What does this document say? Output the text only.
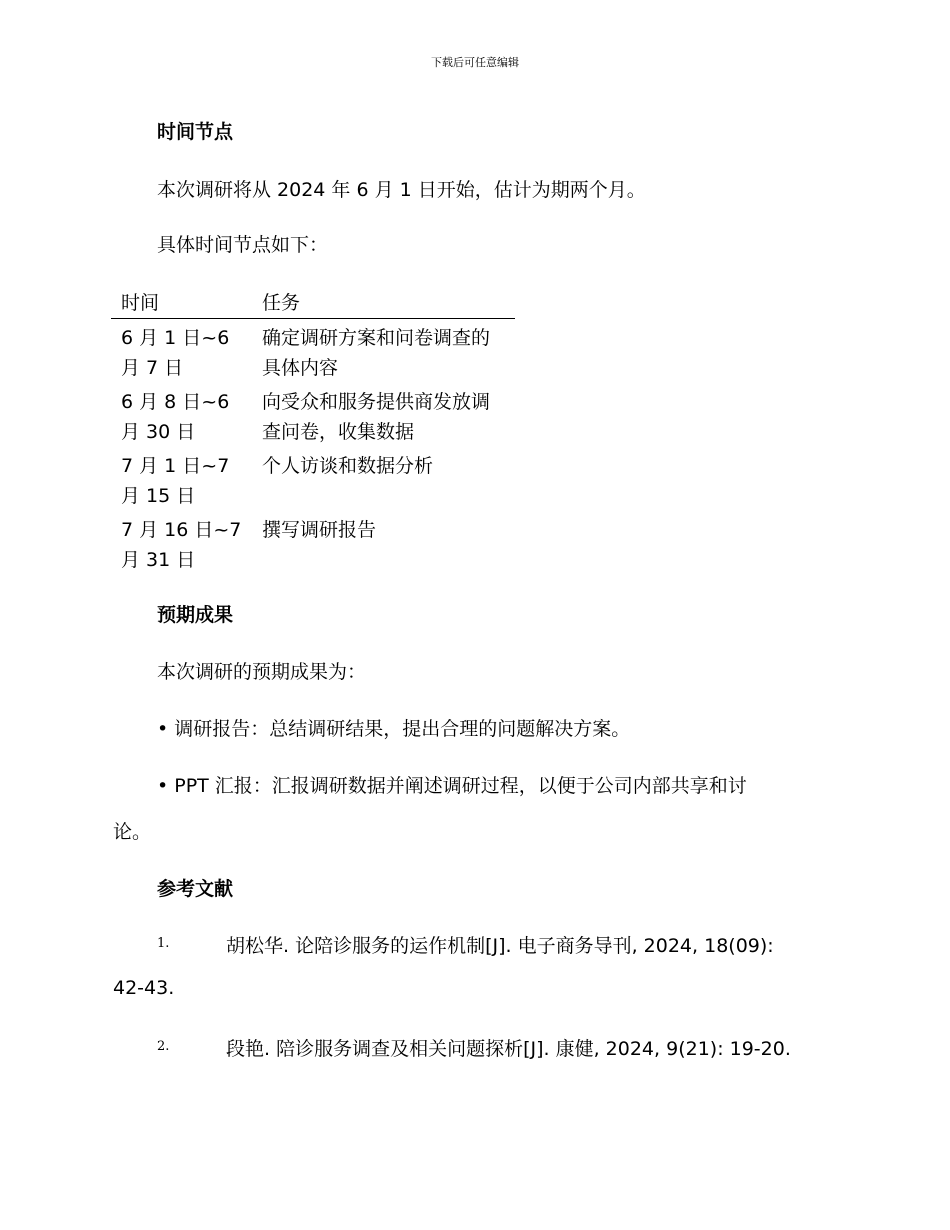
下载后可任意编辑
时间节点
本次调研将从 2024 年 6 月 1 日开始，估计为期两个月。
具体时间节点如下：
时间	任务
6 月 1 日~6 月 7 日	确定调研方案和问卷调查的具体内容
6 月 8 日~6 月 30 日	向受众和服务提供商发放调查问卷，收集数据
7 月 1 日~7 月 15 日	个人访谈和数据分析
7 月 16 日~7 月 31 日	撰写调研报告
预期成果
本次调研的预期成果为：
• 调研报告：总结调研结果，提出合理的问题解决方案。
• PPT 汇报：汇报调研数据并阐述调研过程，以便于公司内部共享和讨
论。
参考文献
1.	胡松华. 论陪诊服务的运作机制[J]. 电子商务导刊, 2024, 18(09):
42-43.
2.	段艳. 陪诊服务调查及相关问题探析[J]. 康健, 2024, 9(21): 19-20.
